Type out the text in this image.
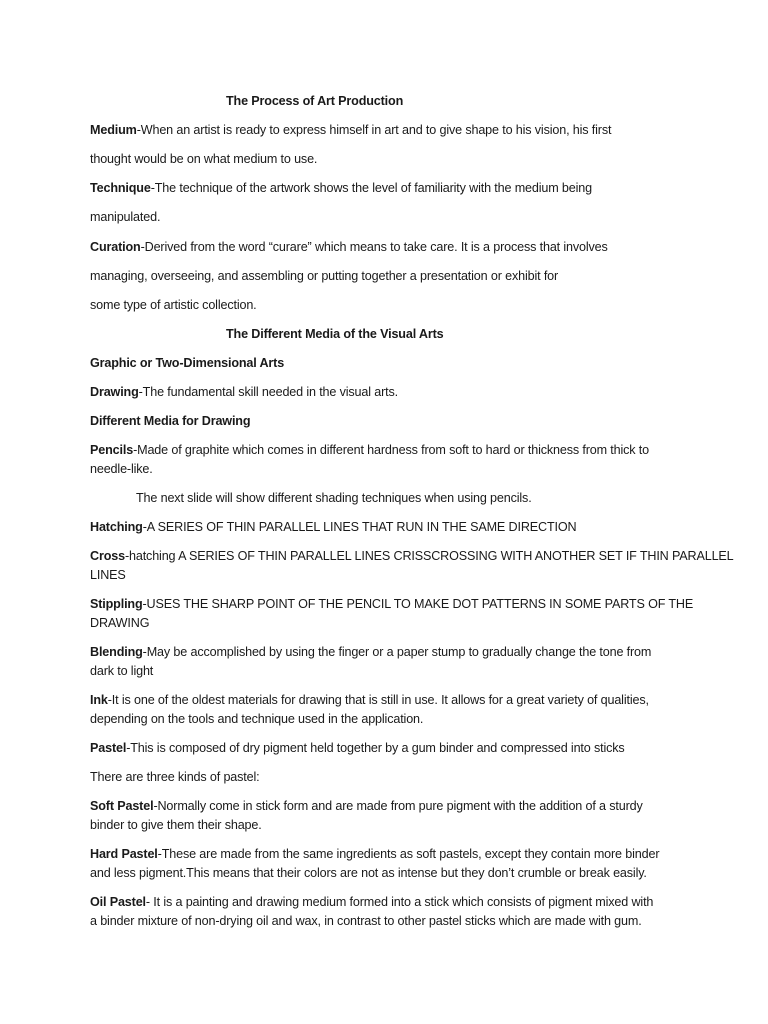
The Process of Art Production
Medium-When an artist is ready to express himself in art and to give shape to his vision, his first
thought would be on what medium to use.
Technique-The technique of the artwork shows the level of familiarity with the medium being
manipulated.
Curation-Derived from the word “curare” which means to take care. It is a process that involves
managing, overseeing, and assembling or putting together a presentation or exhibit for
some type of artistic collection.
The Different Media of the Visual Arts
Graphic or Two-Dimensional Arts
Drawing-The fundamental skill needed in the visual arts.
Different Media for Drawing
Pencils-Made of graphite which comes in different hardness from soft to hard or thickness from thick to
needle-like.
The next slide will show different shading techniques when using pencils.
Hatching-A SERIES OF THIN PARALLEL LINES THAT RUN IN THE SAME DIRECTION
Cross-hatching A SERIES OF THIN PARALLEL LINES CRISSCROSSING WITH ANOTHER SET IF THIN PARALLEL
LINES
Stippling-USES THE SHARP POINT OF THE PENCIL TO MAKE DOT PATTERNS IN SOME PARTS OF THE
DRAWING
Blending-May be accomplished by using the finger or a paper stump to gradually change the tone from
dark to light
Ink-It is one of the oldest materials for drawing that is still in use. It allows for a great variety of qualities,
depending on the tools and technique used in the application.
Pastel-This is composed of dry pigment held together by a gum binder and compressed into sticks
There are three kinds of pastel:
Soft Pastel-Normally come in stick form and are made from pure pigment with the addition of a sturdy
binder to give them their shape.
Hard Pastel-These are made from the same ingredients as soft pastels, except they contain more binder
and less pigment.This means that their colors are not as intense but they don’t crumble or break easily.
Oil Pastel- It is a painting and drawing medium formed into a stick which consists of pigment mixed with
a binder mixture of non-drying oil and wax, in contrast to other pastel sticks which are made with gum.
